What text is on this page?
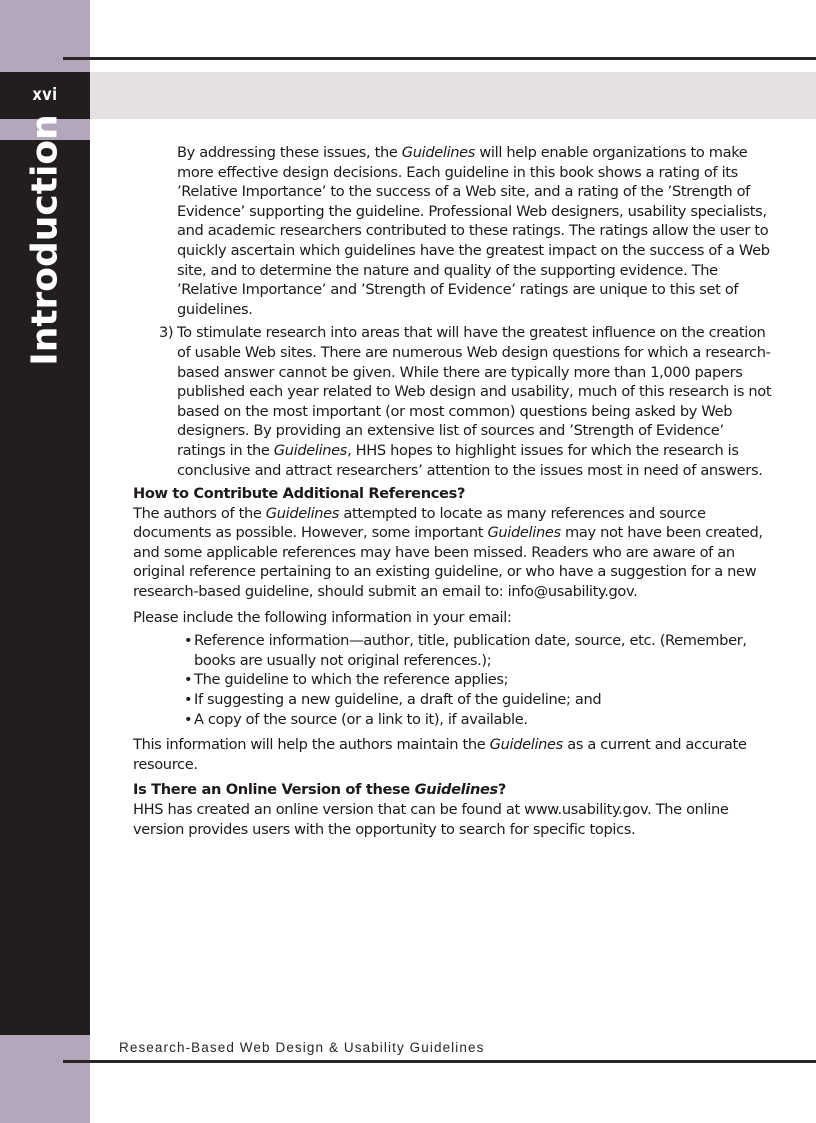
xvi
Introduction	By addressing these issues, the Guidelines will help enable organizations to make more effective design decisions. Each guideline in this book shows a rating of its ’Relative Importance’ to the success of a Web site, and a rating of the ’Strength of Evidence’ supporting the guideline. Professional Web designers, usability specialists, and academic researchers contributed to these ratings. The ratings allow the user to quickly ascertain which guidelines have the greatest impact on the success of a Web site, and to determine the nature and quality of the supporting evidence. The ’Relative Importance’ and ’Strength of Evidence’ ratings are unique to this set of guidelines.

3) To stimulate research into areas that will have the greatest influence on the creation of usable Web sites. There are numerous Web design questions for which a research-based answer cannot be given. While there are typically more than 1,000 papers published each year related to Web design and usability, much of this research is not based on the most important (or most common) questions being asked by Web designers. By providing an extensive list of sources and ’Strength of Evidence’ ratings in the Guidelines, HHS hopes to highlight issues for which the research is conclusive and attract researchers’ attention to the issues most in need of answers.

How to Contribute Additional References?

The authors of the Guidelines attempted to locate as many references and source documents as possible. However, some important Guidelines may not have been created, and some applicable references may have been missed. Readers who are aware of an original reference pertaining to an existing guideline, or who have a suggestion for a new research-based guideline, should submit an email to: info@usability.gov.

Please include the following information in your email:

• Reference information—author, title, publication date, source, etc. (Remember, books are usually not original references.);
• The guideline to which the reference applies;
• If suggesting a new guideline, a draft of the guideline; and
• A copy of the source (or a link to it), if available.

This information will help the authors maintain the Guidelines as a current and accurate resource.

Is There an Online Version of these Guidelines?

HHS has created an online version that can be found at www.usability.gov. The online version provides users with the opportunity to search for specific topics.

Research-Based Web Design & Usability Guidelines
